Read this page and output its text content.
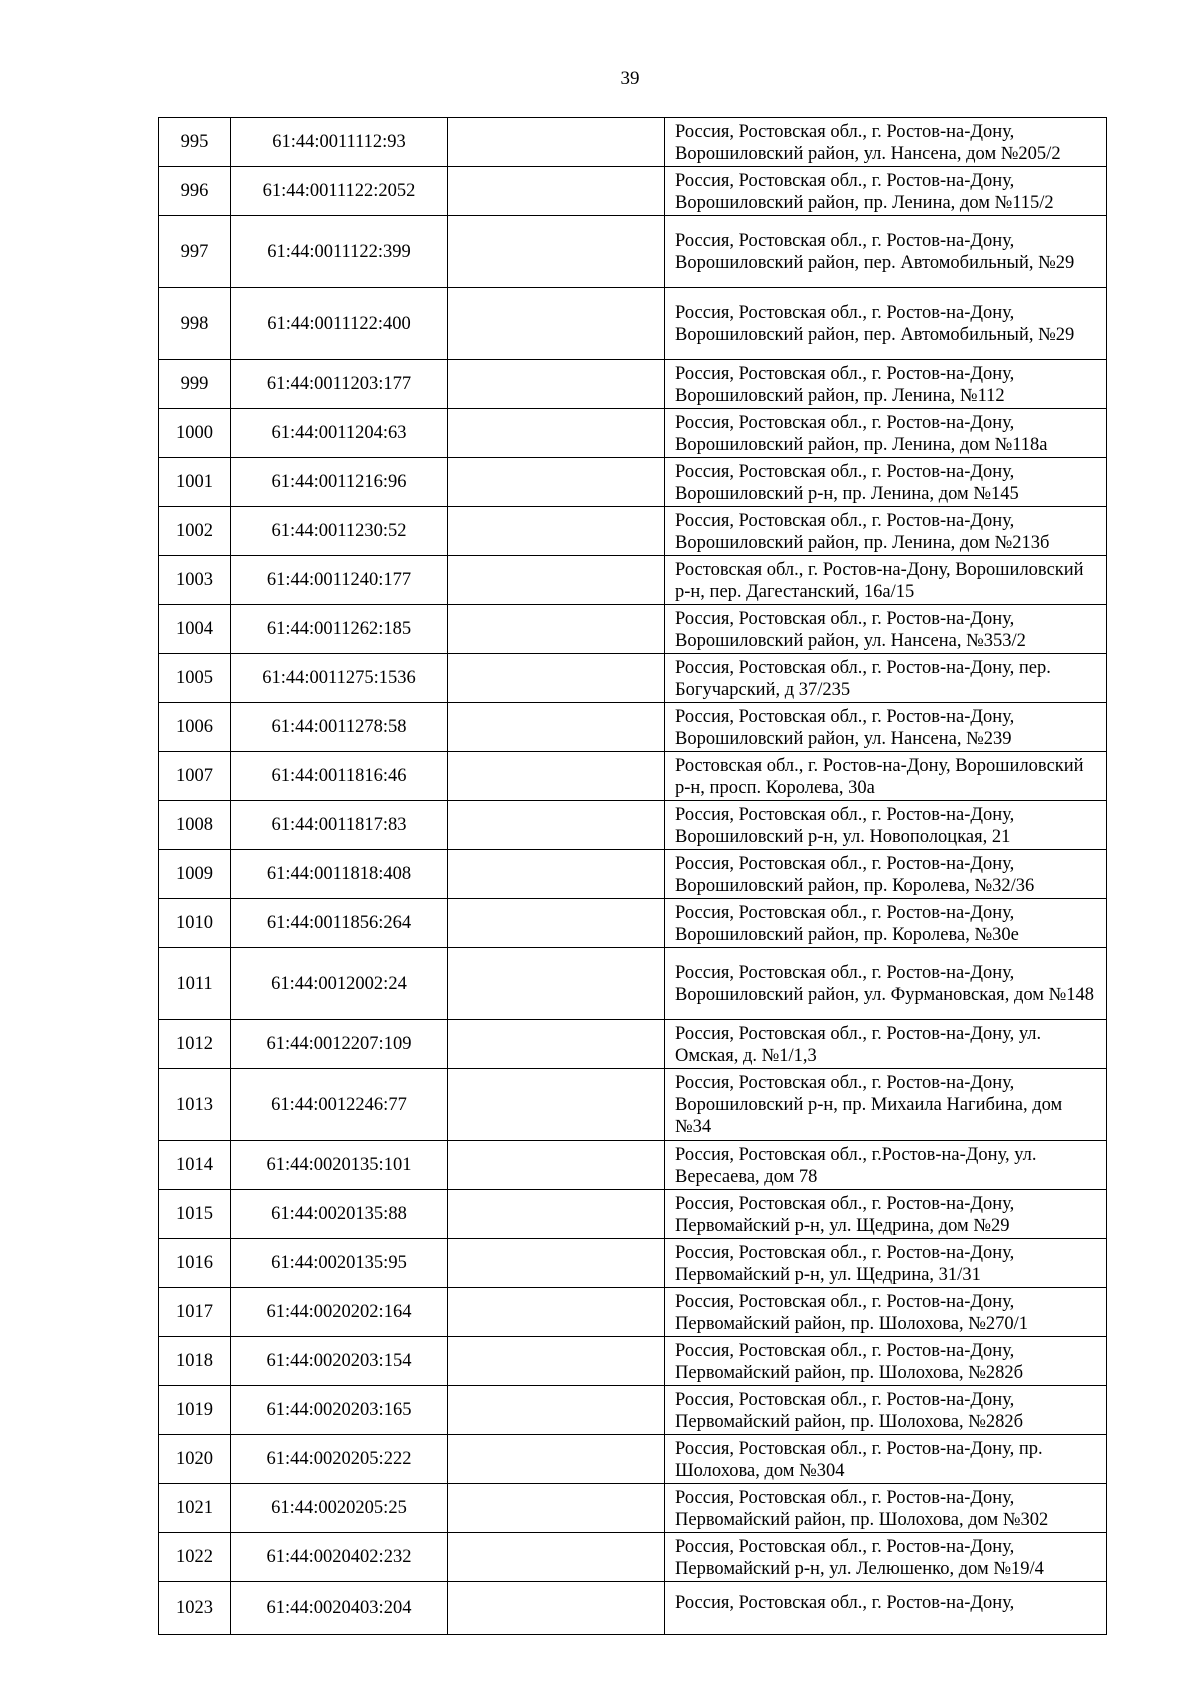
39
995	61:44:0011112:93		Россия, Ростовская обл., г. Ростов-на-Дону, Ворошиловский район, ул. Нансена, дом №205/2
996	61:44:0011122:2052		Россия, Ростовская обл., г. Ростов-на-Дону, Ворошиловский район, пр. Ленина, дом №115/2
997	61:44:0011122:399		Россия, Ростовская обл., г. Ростов-на-Дону, Ворошиловский район, пер. Автомобильный, №29
998	61:44:0011122:400		Россия, Ростовская обл., г. Ростов-на-Дону, Ворошиловский район, пер. Автомобильный, №29
999	61:44:0011203:177		Россия, Ростовская обл., г. Ростов-на-Дону, Ворошиловский район, пр. Ленина, №112
1000	61:44:0011204:63		Россия, Ростовская обл., г. Ростов-на-Дону, Ворошиловский район, пр. Ленина, дом №118а
1001	61:44:0011216:96		Россия, Ростовская обл., г. Ростов-на-Дону, Ворошиловский р-н, пр. Ленина, дом №145
1002	61:44:0011230:52		Россия, Ростовская обл., г. Ростов-на-Дону, Ворошиловский район, пр. Ленина, дом №213б
1003	61:44:0011240:177		Ростовская обл., г. Ростов-на-Дону, Ворошиловский р-н, пер. Дагестанский, 16а/15
1004	61:44:0011262:185		Россия, Ростовская обл., г. Ростов-на-Дону, Ворошиловский район, ул. Нансена, №353/2
1005	61:44:0011275:1536		Россия, Ростовская обл., г. Ростов-на-Дону, пер. Богучарский, д 37/235
1006	61:44:0011278:58		Россия, Ростовская обл., г. Ростов-на-Дону, Ворошиловский район, ул. Нансена, №239
1007	61:44:0011816:46		Ростовская обл., г. Ростов-на-Дону, Ворошиловский р-н, просп. Королева, 30а
1008	61:44:0011817:83		Россия, Ростовская обл., г. Ростов-на-Дону, Ворошиловский р-н, ул. Новополоцкая, 21
1009	61:44:0011818:408		Россия, Ростовская обл., г. Ростов-на-Дону, Ворошиловский район, пр. Королева, №32/36
1010	61:44:0011856:264		Россия, Ростовская обл., г. Ростов-на-Дону, Ворошиловский район, пр. Королева, №30е
1011	61:44:0012002:24		Россия, Ростовская обл., г. Ростов-на-Дону, Ворошиловский район, ул. Фурмановская, дом №148
1012	61:44:0012207:109		Россия, Ростовская обл., г. Ростов-на-Дону, ул. Омская, д. №1/1,3
1013	61:44:0012246:77		Россия, Ростовская обл., г. Ростов-на-Дону, Ворошиловский р-н, пр. Михаила Нагибина, дом №34
1014	61:44:0020135:101		Россия, Ростовская обл., г.Ростов-на-Дону, ул. Вересаева, дом 78
1015	61:44:0020135:88		Россия, Ростовская обл., г. Ростов-на-Дону, Первомайский р-н, ул. Щедрина, дом №29
1016	61:44:0020135:95		Россия, Ростовская обл., г. Ростов-на-Дону, Первомайский р-н, ул. Щедрина, 31/31
1017	61:44:0020202:164		Россия, Ростовская обл., г. Ростов-на-Дону, Первомайский район, пр. Шолохова, №270/1
1018	61:44:0020203:154		Россия, Ростовская обл., г. Ростов-на-Дону, Первомайский район, пр. Шолохова, №282б
1019	61:44:0020203:165		Россия, Ростовская обл., г. Ростов-на-Дону, Первомайский район, пр. Шолохова, №282б
1020	61:44:0020205:222		Россия, Ростовская обл., г. Ростов-на-Дону, пр. Шолохова, дом №304
1021	61:44:0020205:25		Россия, Ростовская обл., г. Ростов-на-Дону, Первомайский район, пр. Шолохова, дом №302
1022	61:44:0020402:232		Россия, Ростовская обл., г. Ростов-на-Дону, Первомайский р-н, ул. Лелюшенко, дом №19/4
1023	61:44:0020403:204		Россия, Ростовская обл., г. Ростов-на-Дону,
